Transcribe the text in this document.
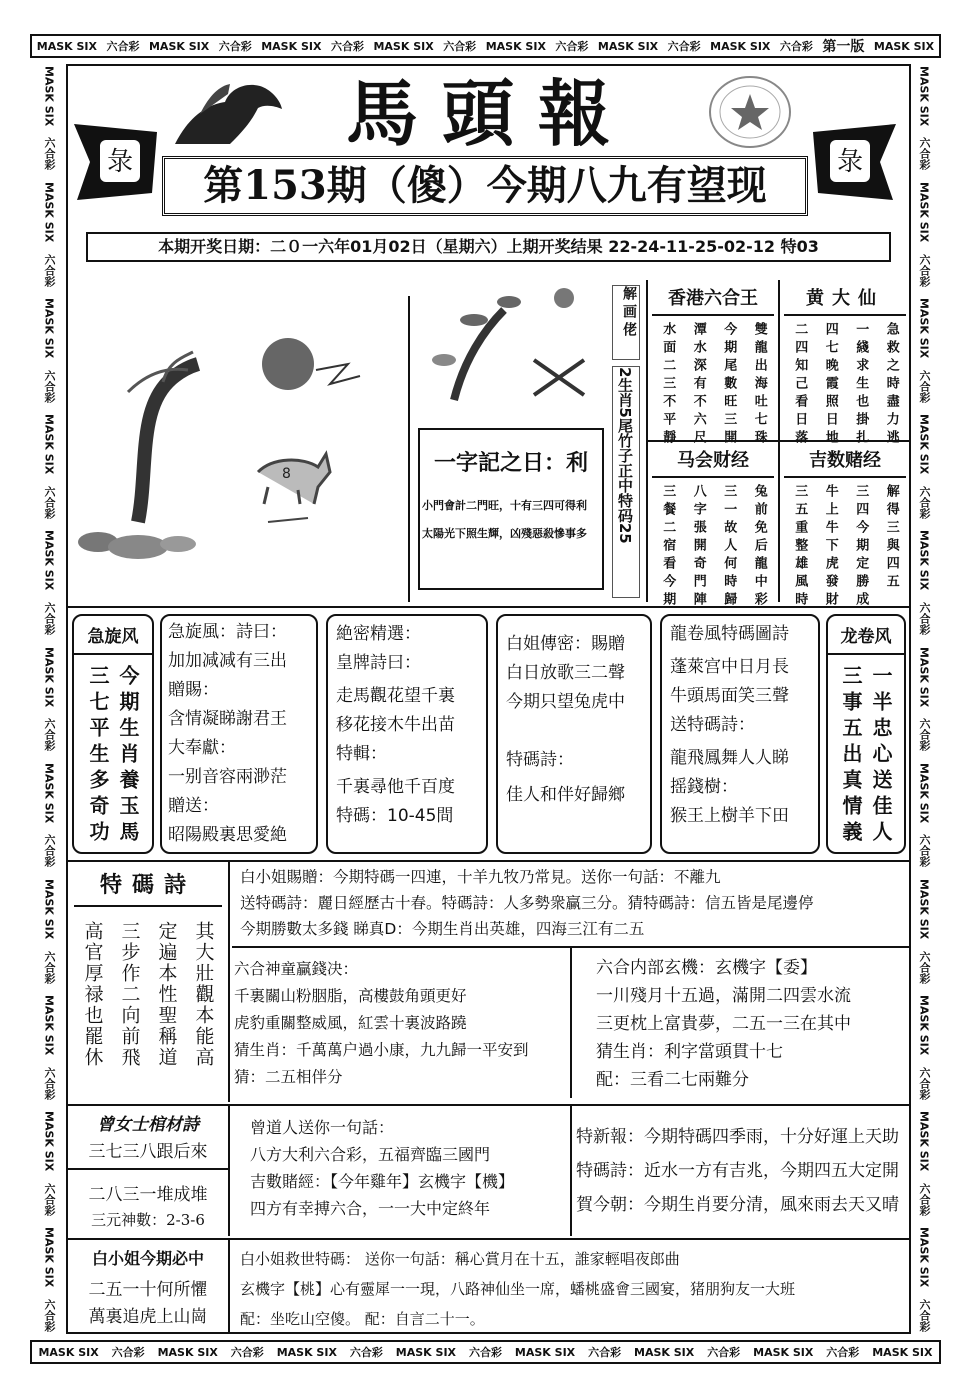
MASK SIX 六合彩 MASK SIX 六合彩 MASK SIX 六合彩 MASK SIX 六合彩 MASK SIX 六合彩 MASK SIX 六合彩 MASK SIX 六合彩 第一版 MASK SIX
MASK SIX 六合彩 MASK SIX 六合彩 MASK SIX 六合彩 MASK SIX 六合彩 MASK SIX 六合彩 MASK SIX 六合彩 MASK SIX 六合彩 MASK SIX
MASK SIX
六合彩
MASK SIX
六合彩
MASK SIX
六合彩
MASK SIX
六合彩
MASK SIX
六合彩
MASK SIX
六合彩
MASK SIX
六合彩
MASK SIX
六合彩
MASK SIX
六合彩
MASK SIX
六合彩
MASK SIX
六合彩
MASK SIX
六合彩
MASK SIX
六合彩
MASK SIX
六合彩
MASK SIX
六合彩
MASK SIX
六合彩
MASK SIX
六合彩
MASK SIX
六合彩
MASK SIX
六合彩
MASK SIX
六合彩
MASK SIX
六合彩
MASK SIX
六合彩
馬頭報
彔	彔
第153期（傻）今期八九有望现
本期开奖日期：二０一六年01月02日（星期六）上期开奖结果 22-24-11-25-02-12 特03
8	一字記之日：利
小門會計二門旺，十有三四可得利
太陽光下照生輝，凶殘惡殺慘事多
解画佬
2生肖5尾竹子正中特码25
香港六合王
雙龍出海吐七珠
今期尾數旺三開
潭水深有不六尺
水面二三不平靜
黄大仙
急救之時盡力逃
一綫求生也掛扎
四七晚霞照日地
二四知己看日落
马会财经
兔前免后龍中彩
三一故人何時歸
八字張開奇門陣
三餐二宿看今期
吉数赌经
解得三與四五
三四今期定勝成
牛上牛下虎發財
三五重整雄風時
急旋风
今期生肖養玉馬
三七平生多奇功
急旋風：詩曰：
加加减减有三出
贈賜：
含情凝睇謝君王
大奉獻：
一别音容兩渺茫
贈送：
昭陽殿裏思愛絶
絶密精選：
皇牌詩曰：
走馬觀花望千裏
移花接木牛出苗
特輯：
千裏尋他千百度
特碼：10-45間
白姐傳密：賜贈
白日放歌三二聲
今期只望兔虎中
特碼詩：
佳人和伴好歸鄉
龍卷風特碼圖詩
蓬萊宫中日月長
牛頭馬面笑三聲
送特碼詩：
龍飛鳳舞人人睇
摇錢樹：
猴王上樹羊下田
龙卷风
一半忠心送佳人
三事五出真情義
特碼詩
其大壯觀本能高
定遍本性聖稱道
三步作二向前飛
高官厚禄也罷休
白小姐賜贈：今期特碼一四連，十羊九牧乃常見。送你一句話：不離九
送特碼詩：麗日經歷古十春。特碼詩：人多勢衆贏三分。猜特碼詩：信五皆是尾邊停
今期勝數太多錢 睇真D：今期生肖出英雄，四海三江有二五
六合神童贏錢决：
千裏關山粉胭脂，高樓鼓角頭更好
虎豹重關整威風，紅雲十裏波路蹺
猜生肖：千萬萬户過小康，九九歸一平安到
猜：二五相伴分
六合内部玄機：玄機字【委】
一川殘月十五過，滿開二四雲水流
三更枕上富貴夢，二五一三在其中
猜生肖：利字當頭貫十七
配：三看二七兩難分
曾女士棺材詩
三七三八跟后來
二八三一堆成堆
三元神數：2-3-6
曾道人送你一句話：
八方大利六合彩，五福齊臨三國門
吉數賭經：【今年雞年】玄機字【機】
四方有幸搏六合，一一大中定終年
特新報：今期特碼四季雨，十分好運上天助
特碼詩：近水一方有吉兆，今期四五大定開
賀今朝：今期生肖要分清，風來雨去天又晴
白小姐今期必中
二五一十何所懼
萬裏追虎上山崗
白小姐救世特碼： 送你一句話：稱心賞月在十五，誰家輕唱夜郎曲
玄機字【桃】心有靈犀一一現，八路神仙坐一席，蟠桃盛會三國宴，猪朋狗友一大班
配：坐吃山空傻。 配：自言二十一。
